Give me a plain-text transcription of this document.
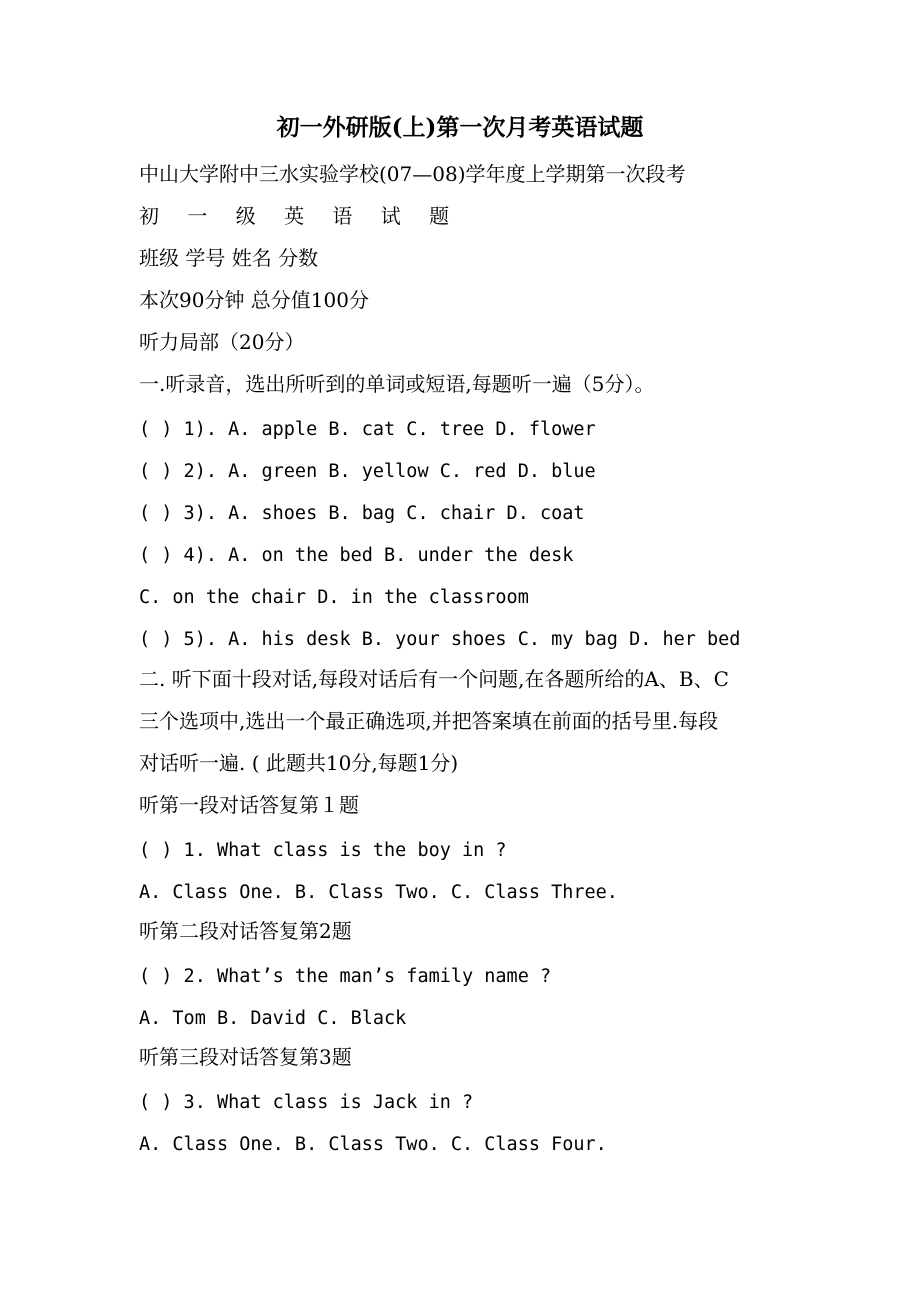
初一外研版(上)第一次月考英语试题
中山大学附中三水实验学校(07—08)学年度上学期第一次段考
初 一 级 英 语 试 题
班级 学号 姓名 分数
本次90分钟 总分值100分
听力局部（20分）
一.听录音，选出所听到的单词或短语,每题听一遍（5分）。
( ) 1). A. apple B. cat C. tree D. flower
( ) 2). A. green B. yellow C. red D. blue
( ) 3). A. shoes B. bag C. chair D. coat
( ) 4). A. on the bed B. under the desk
C. on the chair D. in the classroom
( ) 5). A. his desk B. your shoes C. my bag D. her bed
二. 听下面十段对话,每段对话后有一个问题,在各题所给的A、B、C
三个选项中,选出一个最正确选项,并把答案填在前面的括号里.每段
对话听一遍. ( 此题共10分,每题1分)
听第一段对话答复第１题
( ) 1. What class is the boy in ?
A. Class One. B. Class Two. C. Class Three.
听第二段对话答复第2题
( ) 2. What’s the man’s family name ?
A. Tom B. David C. Black
听第三段对话答复第3题
( ) 3. What class is Jack in ?
A. Class One. B. Class Two. C. Class Four.
